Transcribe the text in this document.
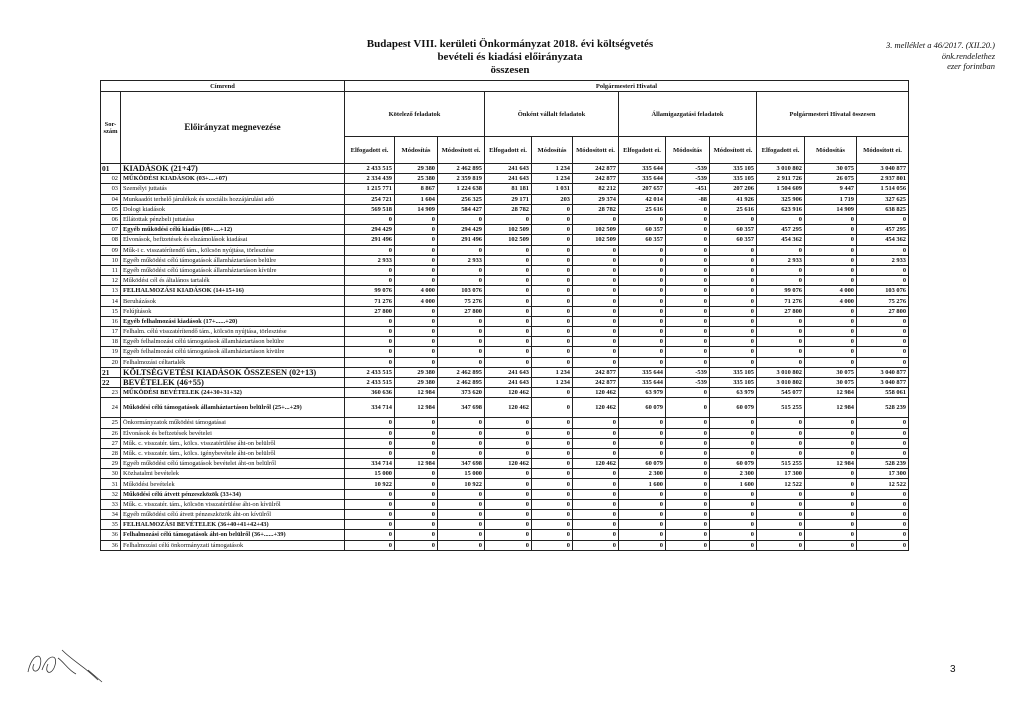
Budapest VIII. kerületi Önkormányzat 2018. évi költségvetés
bevételi és kiadási előirányzata
összesen
3. melléklet a 46/2017. (XII.20.)
önk.rendelethez
ezer forintban
Címrend		Polgármesteri Hivatal											
Sor-szám	Előirányzat megnevezése	Kötelező feladatok			Önként vállalt feladatok			Államigazgatási feladatok			Polgármesteri Hivatal összesen		
		Elfogadott ei.	Módosítás	Módosított ei.	Elfogadott ei.	Módosítás	Módosított ei.	Elfogadott ei.	Módosítás	Módosított ei.	Elfogadott ei.	Módosítás	Módosított ei.
01	KIADÁSOK (21+47)	2 433 515	29 380	2 462 895	241 643	1 234	242 877	335 644	-539	335 105	3 010 802	30 075	3 040 877
02	MŰKÖDÉSI KIADÁSOK (03+....+07)	2 334 439	25 380	2 359 819	241 643	1 234	242 877	335 644	-539	335 105	2 911 726	26 075	2 937 801
03	Személyi juttatás	1 215 771	8 867	1 224 638	81 181	1 031	82 212	207 657	-451	207 206	1 504 609	9 447	1 514 056
04	Munkaadót terhelő járulékok és szociális hozzájárulási adó	254 721	1 604	256 325	29 171	203	29 374	42 014	-88	41 926	325 906	1 719	327 625
05	Dologi kiadások	569 518	14 909	584 427	28 782	0	28 782	25 616	0	25 616	623 916	14 909	638 825
06	Ellátottak pénzbeli juttatása	0	0	0	0	0	0	0	0	0	0	0	0
07	Egyéb működési célú kiadás (08+....+12)	294 429	0	294 429	102 509	0	102 509	60 357	0	60 357	457 295	0	457 295
08	Elvonások, befizetések és elszámolások kiadásai	291 496	0	291 496	102 509	0	102 509	60 357	0	60 357	454 362	0	454 362
09	Műk-i c. visszatérítendő tám., kölcsön nyújtása, törlesztése	0	0	0	0	0	0	0	0	0	0	0	0
10	Egyéb működési célú támogatások államháztartáson belülre	2 933	0	2 933	0	0	0	0	0	0	2 933	0	2 933
11	Egyéb működési célú támogatások államháztartáson kívülre	0	0	0	0	0	0	0	0	0	0	0	0
12	Működési cél és általános tartalék	0	0	0	0	0	0	0	0	0	0	0	0
13	FELHALMOZÁSI KIADÁSOK (14+15+16)	99 076	4 000	103 076	0	0	0	0	0	0	99 076	4 000	103 076
14	Beruházások	71 276	4 000	75 276	0	0	0	0	0	0	71 276	4 000	75 276
15	Felújítások	27 800	0	27 800	0	0	0	0	0	0	27 800	0	27 800
16	Egyéb felhalmozási kiadások (17+......+20)	0	0	0	0	0	0	0	0	0	0	0	0
17	Felhalm. célú visszatérítendő tám., kölcsön nyújtása, törlesztése	0	0	0	0	0	0	0	0	0	0	0	0
18	Egyéb felhalmozási célú támogatások államháztartáson belülre	0	0	0	0	0	0	0	0	0	0	0	0
19	Egyéb felhalmozási célú támogatások államháztartáson kívülre	0	0	0	0	0	0	0	0	0	0	0	0
20	Felhalmozási céltartalék	0	0	0	0	0	0	0	0	0	0	0	0
21	KÖLTSÉGVETÉSI KIADÁSOK ÖSSZESEN (02+13)	2 433 515	29 380	2 462 895	241 643	1 234	242 877	335 644	-539	335 105	3 010 802	30 075	3 040 877
22	BEVÉTELEK (46+55)	2 433 515	29 380	2 462 895	241 643	1 234	242 877	335 644	-539	335 105	3 010 802	30 075	3 040 877
23	MŰKÖDÉSI BEVÉTELEK (24+30+31+32)	360 636	12 984	373 620	120 462	0	120 462	63 979	0	63 979	545 077	12 984	558 061
24	Működési célú támogatások államháztartáson belülről (25+...+29)	334 714	12 984	347 698	120 462	0	120 462	60 079	0	60 079	515 255	12 984	528 239
25	Önkormányzatok működési támogatásai	0	0	0	0	0	0	0	0	0	0	0	0
26	Elvonások és befizetések bevételei	0	0	0	0	0	0	0	0	0	0	0	0
27	Műk. c. visszatér. tám., kölcs. visszatérülése áht-on belülről	0	0	0	0	0	0	0	0	0	0	0	0
28	Műk. c. visszatér. tám., kölcs. igénybevétele áht-on belülről	0	0	0	0	0	0	0	0	0	0	0	0
29	Egyéb működési célú támogatások bevételei áht-on belülről	334 714	12 984	347 698	120 462	0	120 462	60 079	0	60 079	515 255	12 984	528 239
30	Közhatalmi bevételek	15 000	0	15 000	0	0	0	2 300	0	2 300	17 300	0	17 300
31	Működési bevételek	10 922	0	10 922	0	0	0	1 600	0	1 600	12 522	0	12 522
32	Működési célú átvett pénzeszközök (33+34)	0	0	0	0	0	0	0	0	0	0	0	0
33	Műk. c. visszatér. tám., kölcsön visszatérülése áht-on kívülről	0	0	0	0	0	0	0	0	0	0	0	0
34	Egyéb működési célú átvett pénzeszközök áht-on kívülről	0	0	0	0	0	0	0	0	0	0	0	0
35	FELHALMOZÁSI BEVÉTELEK (36+40+41+42+43)	0	0	0	0	0	0	0	0	0	0	0	0
36	Felhalmozási célú támogatások áht-on belülről (36+......+39)	0	0	0	0	0	0	0	0	0	0	0	0
36	Felhalmozási célú önkormányzati támogatások	0	0	0	0	0	0	0	0	0	0	0	0
3
